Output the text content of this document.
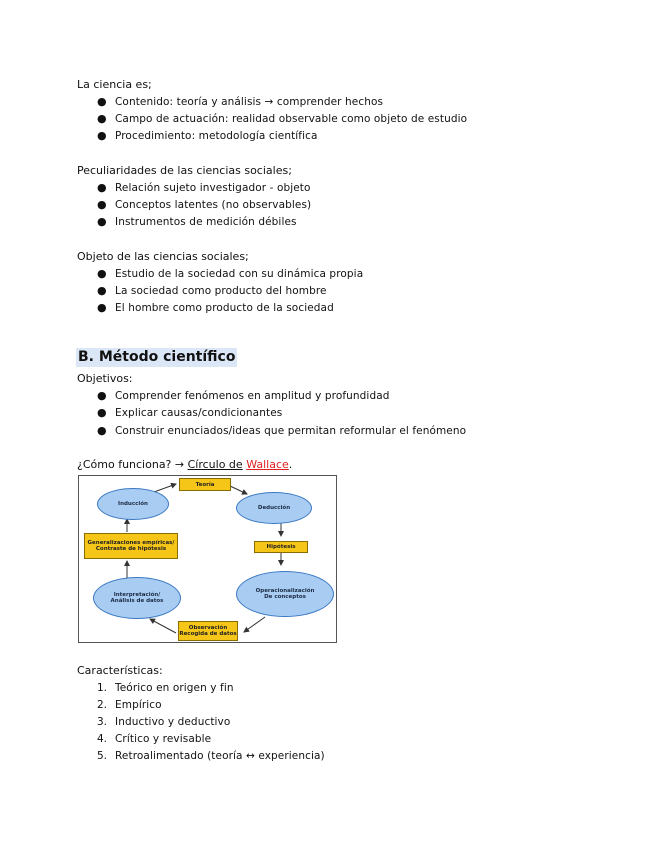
La ciencia es;
● Contenido: teoría y análisis → comprender hechos
● Campo de actuación: realidad observable como objeto de estudio
● Procedimiento: metodología científica
Peculiaridades de las ciencias sociales;
● Relación sujeto investigador - objeto
● Conceptos latentes (no observables)
● Instrumentos de medición débiles
Objeto de las ciencias sociales;
● Estudio de la sociedad con su dinámica propia
● La sociedad como producto del hombre
● El hombre como producto de la sociedad
B. Método científico
Objetivos:
● Comprender fenómenos en amplitud y profundidad
● Explicar causas/condicionantes
● Construir enunciados/ideas que permitan reformular el fenómeno
¿Cómo funciona? → Círculo de Wallace.
Teoría
Inducción
Deducción
Hipótesis
Generalizaciones empíricas/
Contraste de hipótesis
Interpretación/
Análisis de datos
Operacionalización
De conceptos
Observación
Recogida de datos
Características:
1. Teórico en origen y fin
2. Empírico
3. Inductivo y deductivo
4. Crítico y revisable
5. Retroalimentado (teoría ↔ experiencia)
